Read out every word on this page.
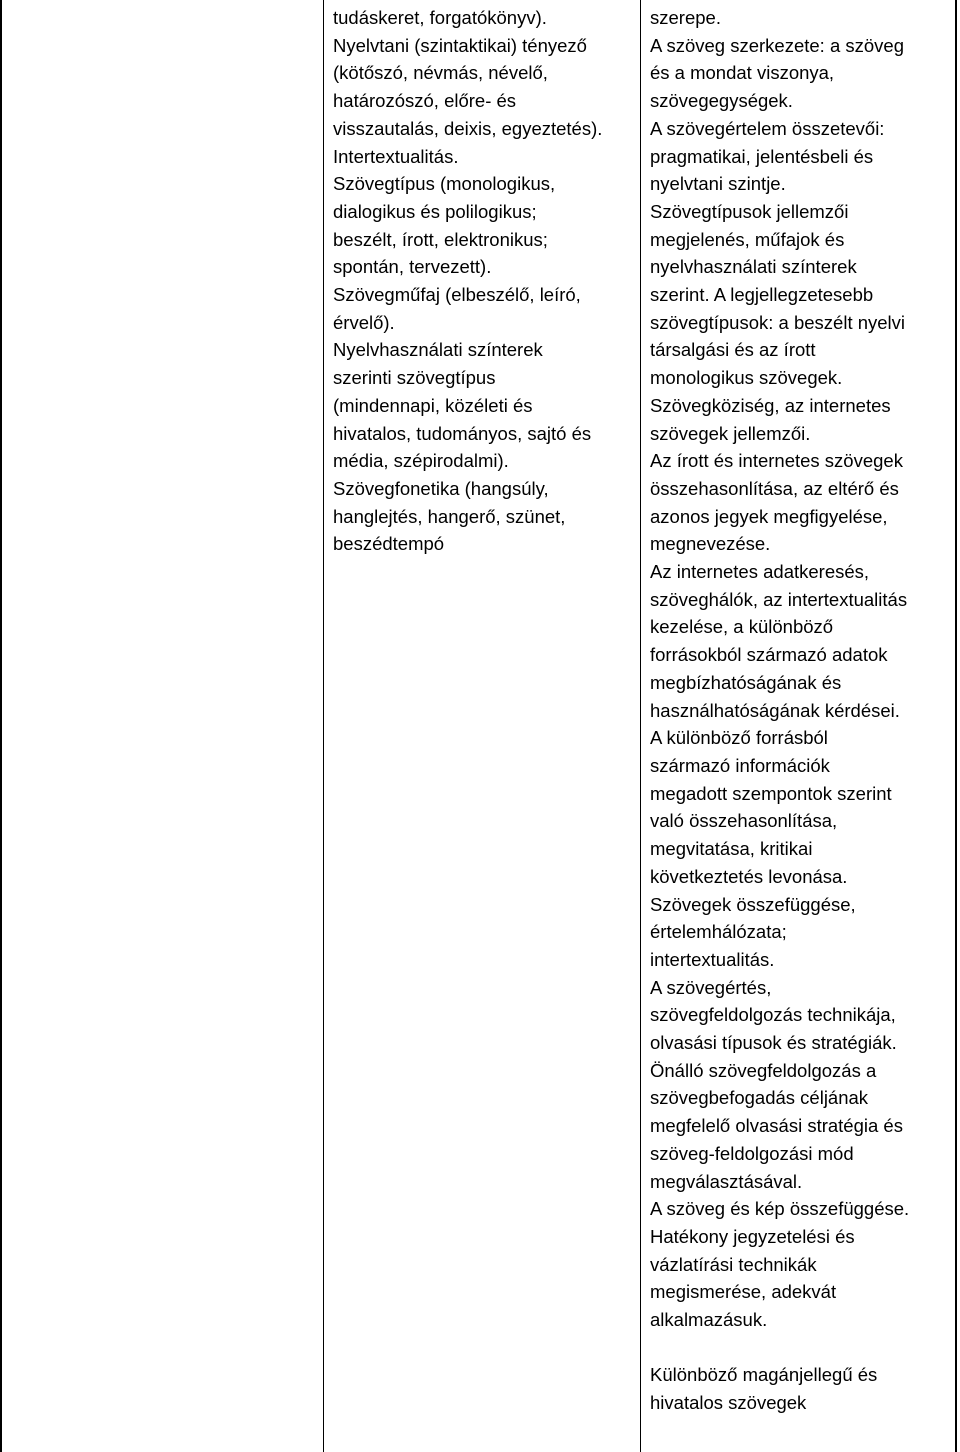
tudáskeret, forgatókönyv).
Nyelvtani (szintaktikai) tényező
(kötőszó, névmás, névelő,
határozószó, előre- és
visszautalás, deixis, egyeztetés).
Intertextualitás.
Szövegtípus (monologikus,
dialogikus és polilogikus;
beszélt, írott, elektronikus;
spontán, tervezett).
Szövegműfaj (elbeszélő, leíró,
érvelő).
Nyelvhasználati színterek
szerinti szövegtípus
(mindennapi, közéleti és
hivatalos, tudományos, sajtó és
média, szépirodalmi).
Szövegfonetika (hangsúly,
hanglejtés, hangerő, szünet,
beszédtempó
szerepe.
A szöveg szerkezete: a szöveg
és a mondat viszonya,
szövegegységek.
A szövegértelem összetevői:
pragmatikai, jelentésbeli és
nyelvtani szintje.
Szövegtípusok jellemzői
megjelenés, műfajok és
nyelvhasználati színterek
szerint. A legjellegzetesebb
szövegtípusok: a beszélt nyelvi
társalgási és az írott
monologikus szövegek.
Szövegköziség, az internetes
szövegek jellemzői.
Az írott és internetes szövegek
összehasonlítása, az eltérő és
azonos jegyek megfigyelése,
megnevezése.
Az internetes adatkeresés,
szöveghálók, az intertextualitás
kezelése, a különböző
forrásokból származó adatok
megbízhatóságának és
használhatóságának kérdései.
A különböző forrásból
származó információk
megadott szempontok szerint
való összehasonlítása,
megvitatása, kritikai
következtetés levonása.
Szövegek összefüggése,
értelemhálózata;
intertextualitás.
A szövegértés,
szövegfeldolgozás technikája,
olvasási típusok és stratégiák.
Önálló szövegfeldolgozás a
szövegbefogadás céljának
megfelelő olvasási stratégia és
szöveg-feldolgozási mód
megválasztásával.
A szöveg és kép összefüggése.
Hatékony jegyzetelési és
vázlatírási technikák
megismerése, adekvát
alkalmazásuk.
Különböző magánjellegű és
hivatalos szövegek
